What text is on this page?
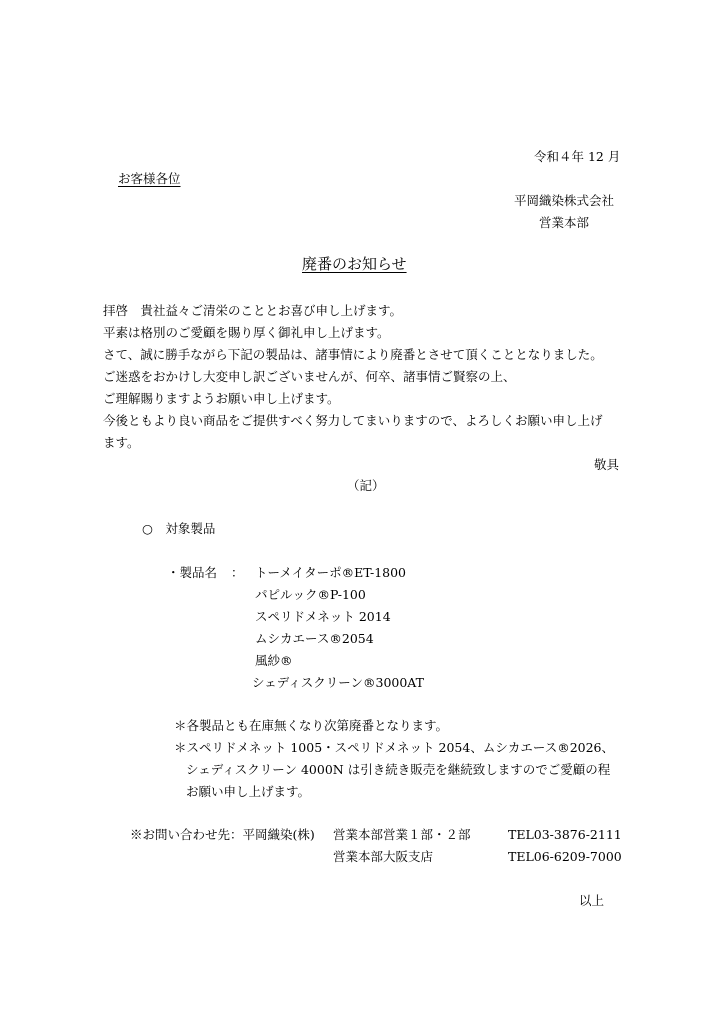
令和４年 12 月
お客様各位
平岡織染株式会社
営業本部
廃番のお知らせ
拝啓　貴社益々ご清栄のこととお喜び申し上げます。
平素は格別のご愛顧を賜り厚く御礼申し上げます。
さて、誠に勝手ながら下記の製品は、諸事情により廃番とさせて頂くこととなりました。
ご迷惑をおかけし大変申し訳ございませんが、何卒、諸事情ご賢察の上、
ご理解賜りますようお願い申し上げます。
今後ともより良い商品をご提供すべく努力してまいりますので、よろしくお願い申し上げ
ます。
敬具
（記）
○　対象製品
・製品名 ： トーメイターポ®ET-1800
パピルック®P-100
スペリドメネット 2014
ムシカエース®2054
風紗®
シェディスクリーン®3000AT
＊各製品とも在庫無くなり次第廃番となります。
＊スペリドメネット 1005・スペリドメネット 2054、ムシカエース®2026、
シェディスクリーン 4000N は引き続き販売を継続致しますのでご愛顧の程
お願い申し上げます。
※お問い合わせ先：平岡織染(株) 営業本部営業１部・２部	TEL03-3876-2111
営業本部大阪支店	TEL06-6209-7000
以上
